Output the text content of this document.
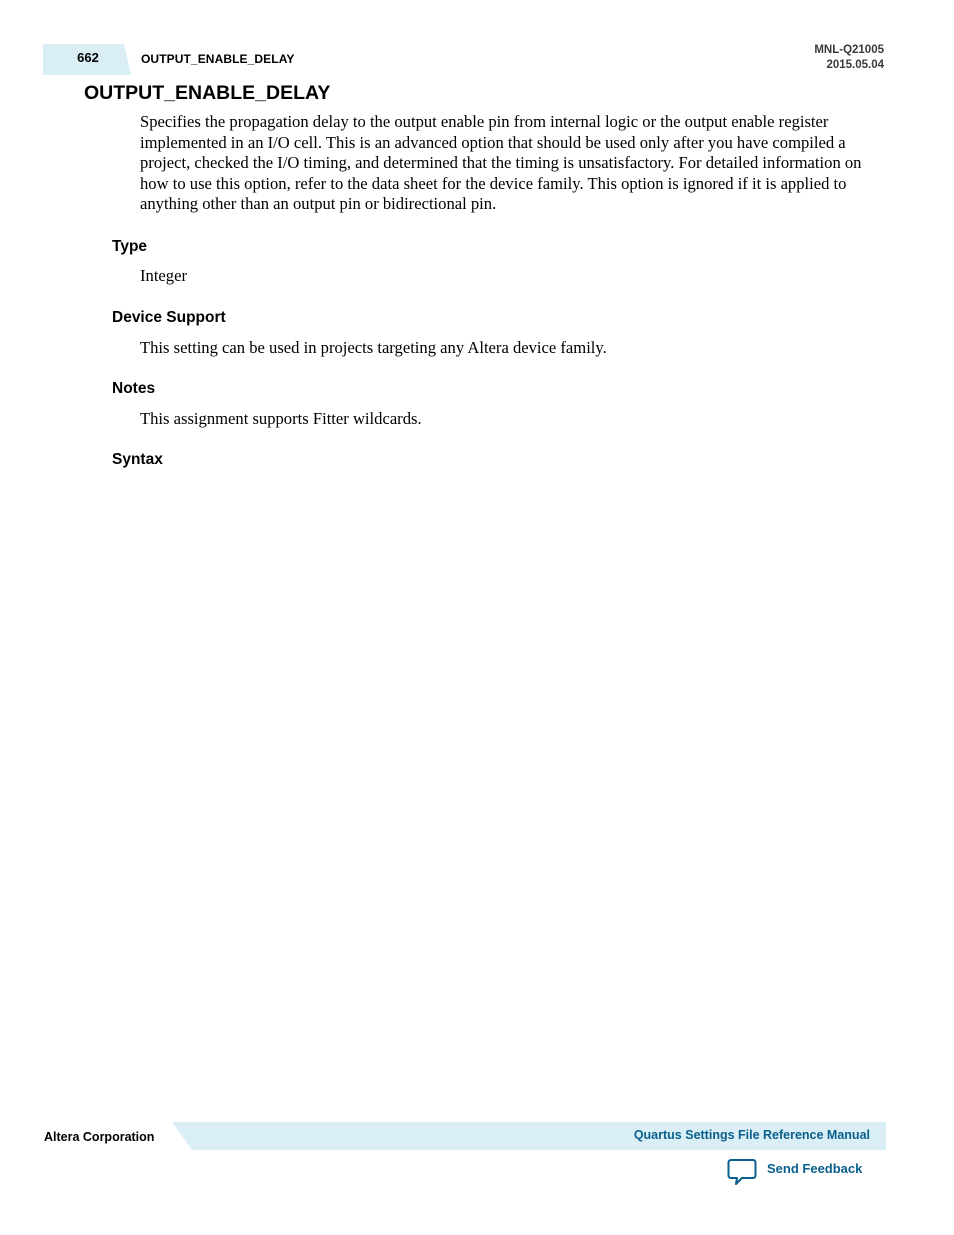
662	OUTPUT_ENABLE_DELAY
MNL-Q21005
2015.05.04
OUTPUT_ENABLE_DELAY

Specifies the propagation delay to the output enable pin from internal logic or the output enable register implemented in an I/O cell. This is an advanced option that should be used only after you have compiled a project, checked the I/O timing, and determined that the timing is unsatisfactory. For detailed information on how to use this option, refer to the data sheet for the device family. This option is ignored if it is applied to anything other than an output pin or bidirectional pin.

Type

Integer

Device Support

This setting can be used in projects targeting any Altera device family.

Notes

This assignment supports Fitter wildcards.

Syntax
Altera Corporation	Quartus Settings File Reference Manual
Send Feedback
